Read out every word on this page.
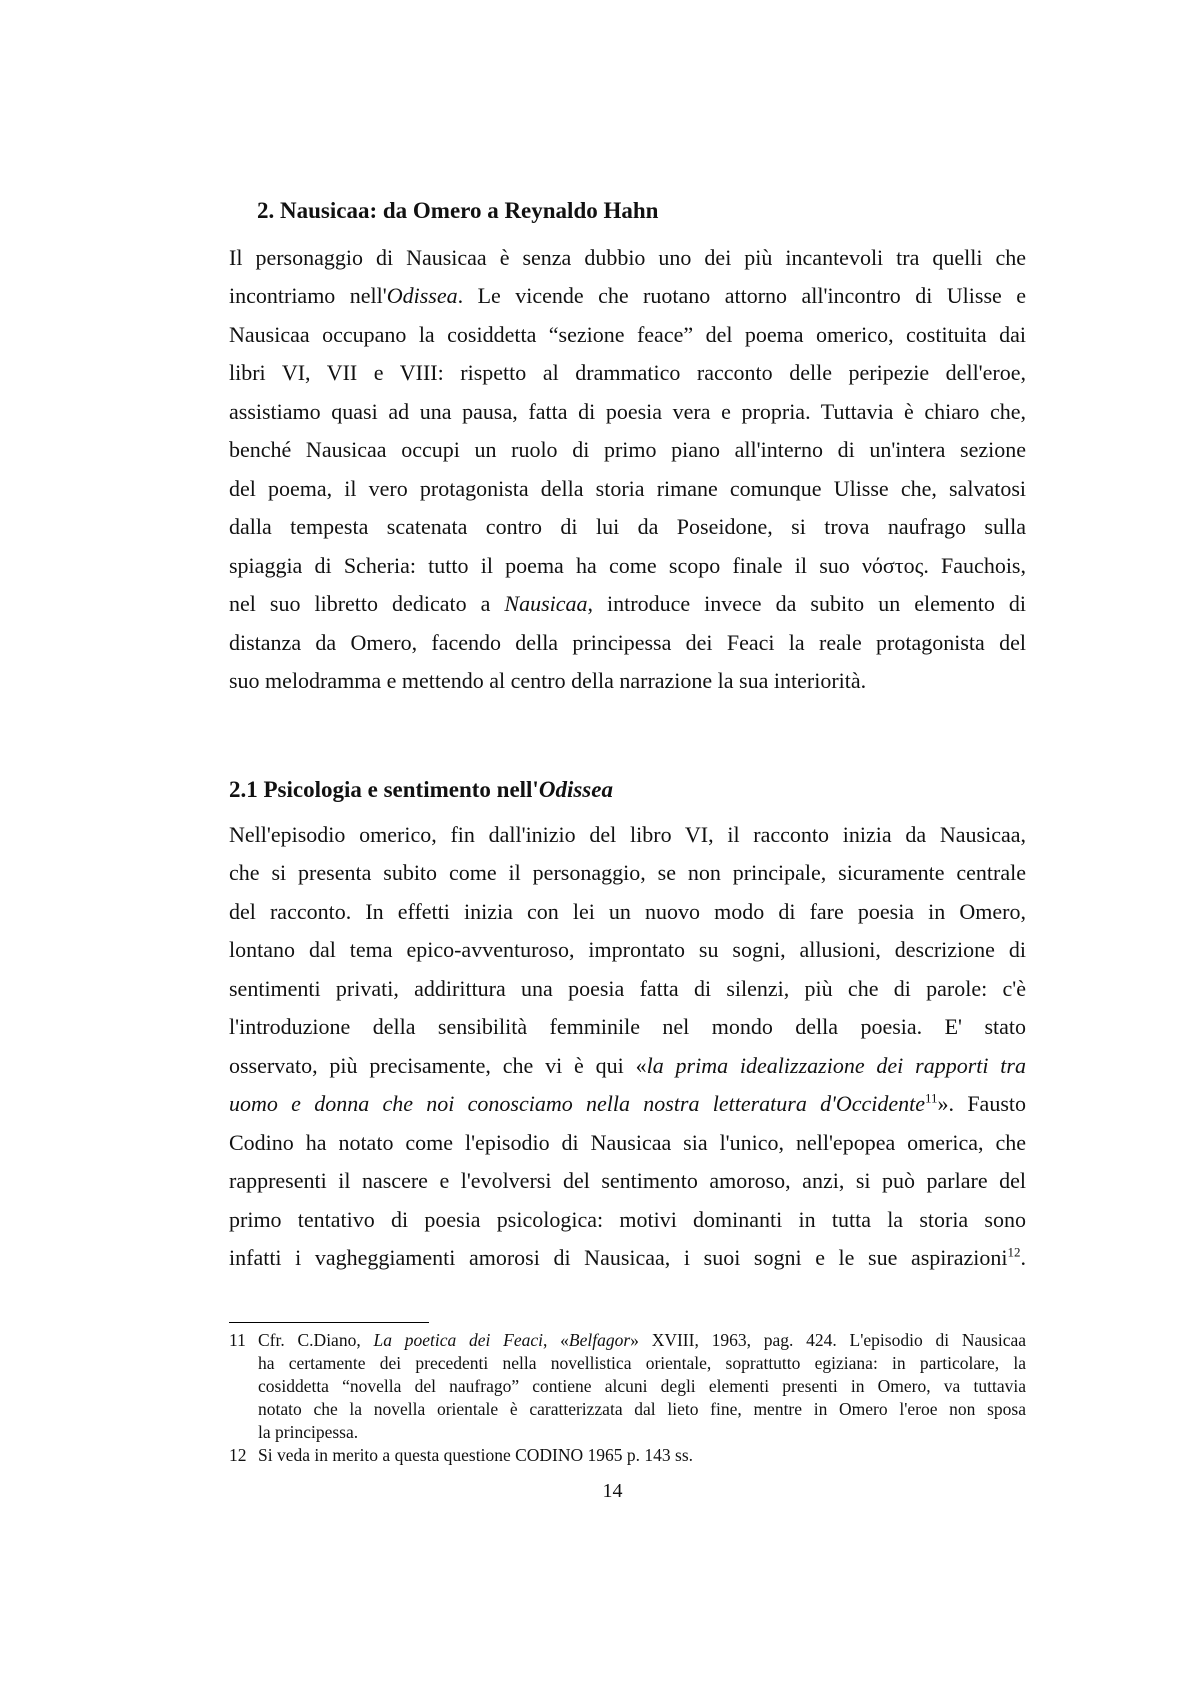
2. Nausicaa: da Omero a Reynaldo Hahn
Il personaggio di Nausicaa è senza dubbio uno dei più incantevoli tra quelli che
incontriamo nell'Odissea. Le vicende che ruotano attorno all'incontro di Ulisse e
Nausicaa occupano la cosiddetta “sezione feace” del poema omerico, costituita dai
libri VI, VII e VIII: rispetto al drammatico racconto delle peripezie dell'eroe,
assistiamo quasi ad una pausa, fatta di poesia vera e propria. Tuttavia è chiaro che,
benché Nausicaa occupi un ruolo di primo piano all'interno di un'intera sezione
del poema, il vero protagonista della storia rimane comunque Ulisse che, salvatosi
dalla tempesta scatenata contro di lui da Poseidone, si trova naufrago sulla
spiaggia di Scheria: tutto il poema ha come scopo finale il suo νόστος. Fauchois,
nel suo libretto dedicato a Nausicaa, introduce invece da subito un elemento di
distanza da Omero, facendo della principessa dei Feaci la reale protagonista del
suo melodramma e mettendo al centro della narrazione la sua interiorità.
2.1 Psicologia e sentimento nell'Odissea
Nell'episodio omerico, fin dall'inizio del libro VI, il racconto inizia da Nausicaa,
che si presenta subito come il personaggio, se non principale, sicuramente centrale
del racconto. In effetti inizia con lei un nuovo modo di fare poesia in Omero,
lontano dal tema epico-avventuroso, improntato su sogni, allusioni, descrizione di
sentimenti privati, addirittura una poesia fatta di silenzi, più che di parole: c'è
l'introduzione della sensibilità femminile nel mondo della poesia. E' stato
osservato, più precisamente, che vi è qui «la prima idealizzazione dei rapporti tra
uomo e donna che noi conosciamo nella nostra letteratura d'Occidente$^{11}$». Fausto
Codino ha notato come l'episodio di Nausicaa sia l'unico, nell'epopea omerica, che
rappresenti il nascere e l'evolversi del sentimento amoroso, anzi, si può parlare del
primo tentativo di poesia psicologica: motivi dominanti in tutta la storia sono
infatti i vagheggiamenti amorosi di Nausicaa, i suoi sogni e le sue aspirazioni$^{12}$.
11 Cfr. C.Diano, La poetica dei Feaci, «Belfagor» XVIII, 1963, pag. 424. L'episodio di Nausicaa
ha certamente dei precedenti nella novellistica orientale, soprattutto egiziana: in particolare, la
cosiddetta “novella del naufrago” contiene alcuni degli elementi presenti in Omero, va tuttavia
notato che la novella orientale è caratterizzata dal lieto fine, mentre in Omero l'eroe non sposa
la principessa.
12 Si veda in merito a questa questione CODINO 1965 p. 143 ss.
14
